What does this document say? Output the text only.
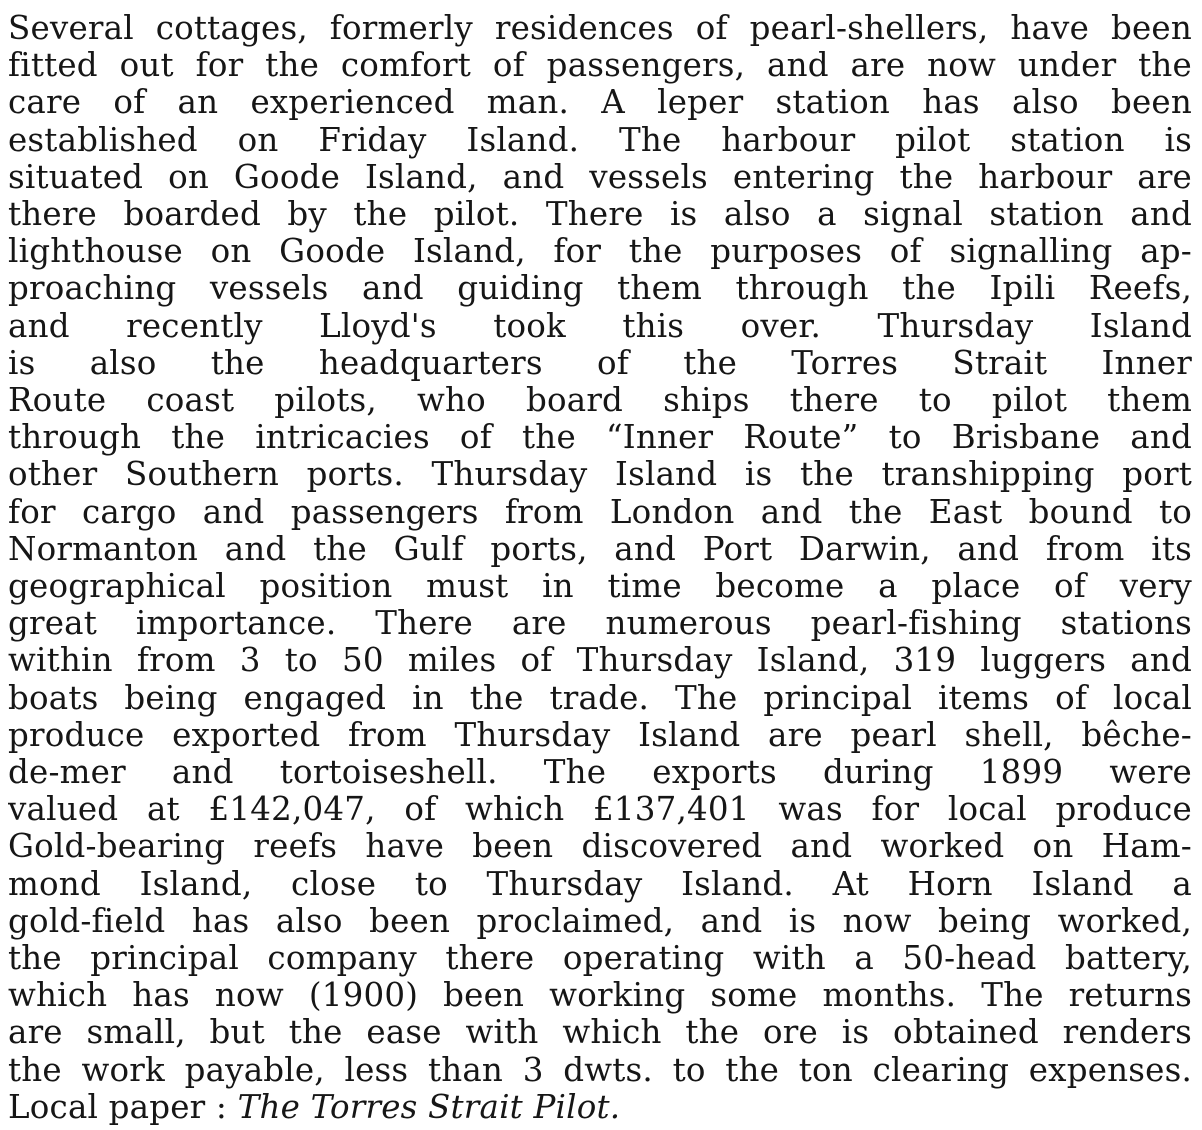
Several cottages, formerly residences of pearl-shellers, have been
fitted out for the comfort of passengers, and are now under the
care of an experienced man. A leper station has also been
established on Friday Island. The harbour pilot station is
situated on Goode Island, and vessels entering the harbour are
there boarded by the pilot. There is also a signal station and
lighthouse on Goode Island, for the purposes of signalling ap-
proaching vessels and guiding them through the Ipili Reefs,
and recently Lloyd's took this over. Thursday Island
is also the headquarters of the Torres Strait Inner
Route coast pilots, who board ships there to pilot them
through the intricacies of the “Inner Route” to Brisbane and
other Southern ports. Thursday Island is the transhipping port
for cargo and passengers from London and the East bound to
Normanton and the Gulf ports, and Port Darwin, and from its
geographical position must in time become a place of very
great importance. There are numerous pearl-fishing stations
within from 3 to 50 miles of Thursday Island, 319 luggers and
boats being engaged in the trade. The principal items of local
produce exported from Thursday Island are pearl shell, bêche-
de-mer and tortoiseshell. The exports during 1899 were
valued at £142,047, of which £137,401 was for local produce
Gold-bearing reefs have been discovered and worked on Ham-
mond Island, close to Thursday Island. At Horn Island a
gold-field has also been proclaimed, and is now being worked,
the principal company there operating with a 50-head battery,
which has now (1900) been working some months. The returns
are small, but the ease with which the ore is obtained renders
the work payable, less than 3 dwts. to the ton clearing expenses.
Local paper : The Torres Strait Pilot.
